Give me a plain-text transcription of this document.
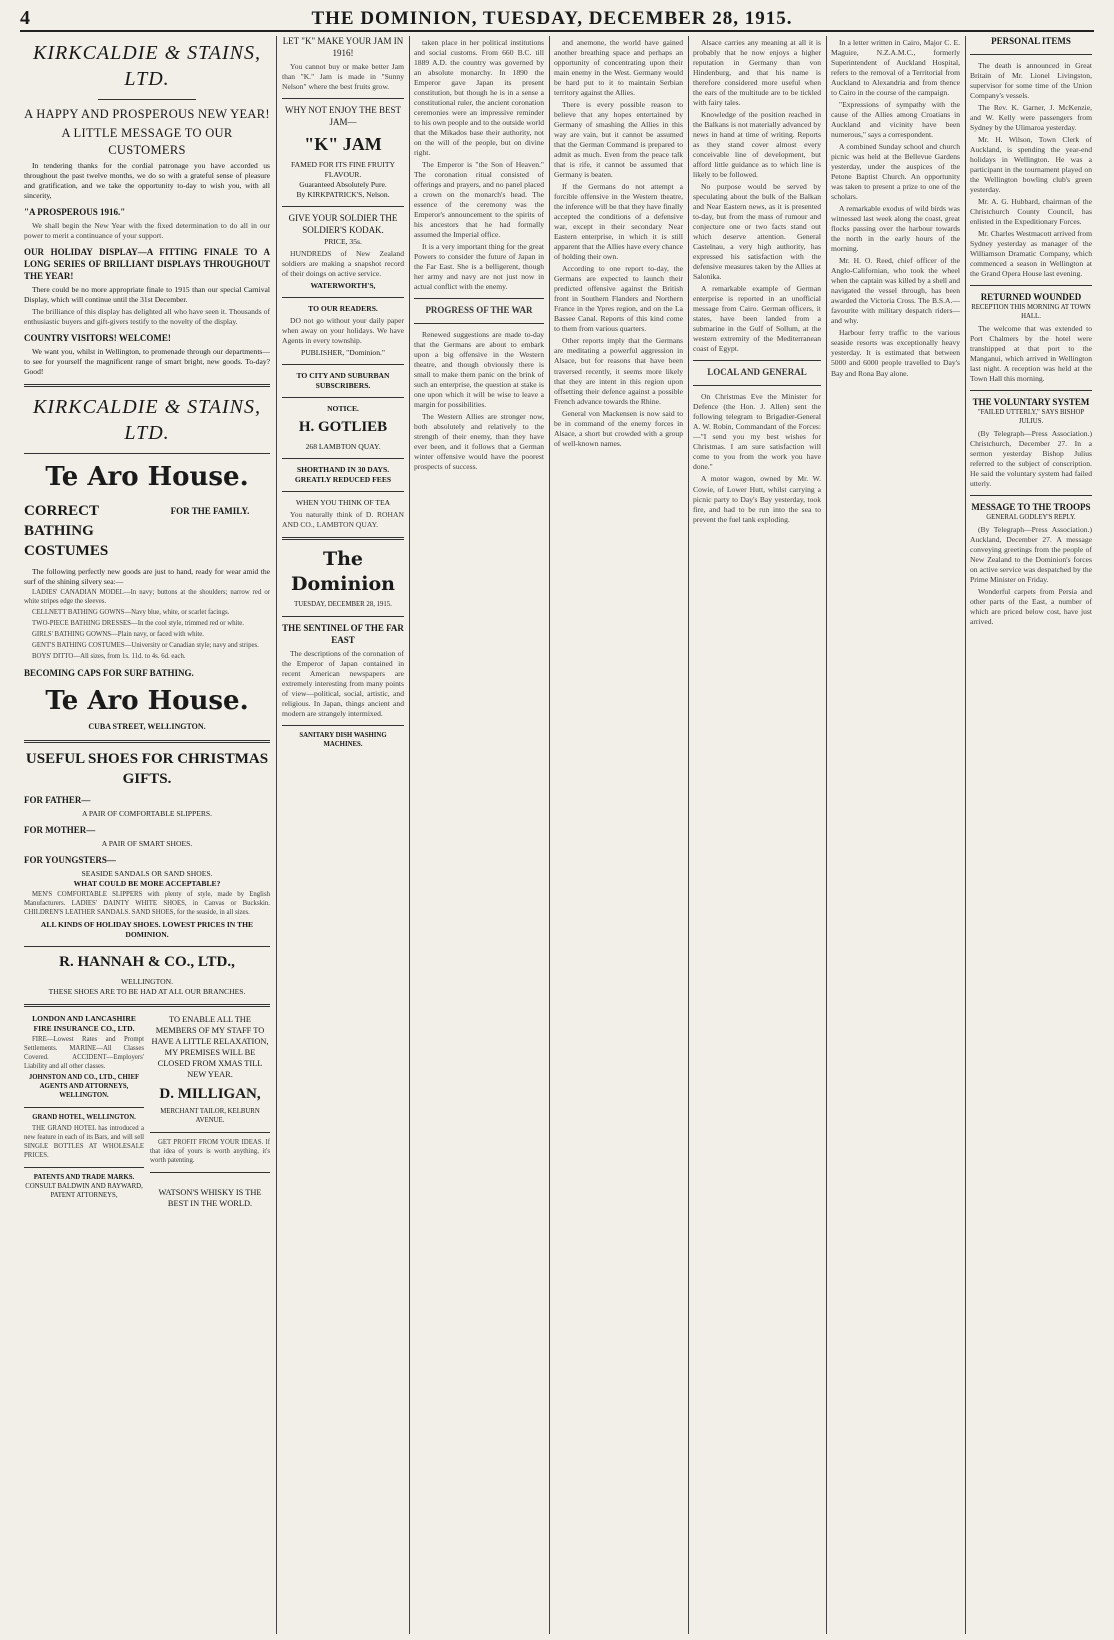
4	THE DOMINION, TUESDAY, DECEMBER 28, 1915.
KIRKCALDIE & STAINS, LTD.
A HAPPY AND PROSPEROUS NEW YEAR!
A LITTLE MESSAGE TO OUR CUSTOMERS

In tendering thanks for the cordial patronage you have accorded us throughout the past twelve months, we do so with a grateful sense of pleasure and gratification, and we take the opportunity to-day to wish you, with all sincerity,

"A PROSPEROUS 1916."

We shall begin the New Year with the fixed determination to do all in our power to merit a continuance of your support.

OUR HOLIDAY DISPLAY—A FITTING FINALE TO A LONG SERIES OF BRILLIANT DISPLAYS THROUGHOUT THE YEAR!

There could be no more appropriate finale to 1915 than our special Carnival Display, which will continue until the 31st December.

The brilliance of this display has delighted all who have seen it. Thousands of enthusiastic buyers and gift-givers testify to the novelty of the display.

COUNTRY VISITORS! WELCOME!

We want you, whilst in Wellington, to promenade through our departments—to see for yourself the magnificent range of smart bright, new goods. To-day? Good!

KIRKCALDIE & STAINS, LTD.
Te Aro House.
CORRECT BATHING COSTUMES
FOR THE FAMILY.

The following perfectly new goods are just to hand, ready for wear amid the surf of the shining silvery sea:—

LADIES' CANADIAN MODEL—In navy; buttons at the shoulders; narrow red or white stripes edge the sleeves.

CELLNETT BATHING GOWNS—Navy blue, white, or scarlet facings.

TWO-PIECE BATHING DRESSES—In the cool style, trimmed red or white.

GIRLS' BATHING GOWNS—Plain navy, or faced with white.

GENT'S BATHING COSTUMES—University or Canadian style; navy and stripes.

BOYS' DITTO—All sizes, from 1s. 11d. to 4s. 6d. each.

BECOMING CAPS FOR SURF BATHING.
Te Aro House.
CUBA STREET, WELLINGTON.
USEFUL SHOES FOR CHRISTMAS GIFTS.
FOR FATHER—
A PAIR OF COMFORTABLE SLIPPERS.
FOR MOTHER—
A PAIR OF SMART SHOES.
FOR YOUNGSTERS—
SEASIDE SANDALS OR SAND SHOES.
WHAT COULD BE MORE ACCEPTABLE?

MEN'S COMFORTABLE SLIPPERS with plenty of style, made by English Manufacturers. LADIES' DAINTY WHITE SHOES, in Canvas or Buckskin. CHILDREN'S LEATHER SANDALS. SAND SHOES, for the seaside, in all sizes.

ALL KINDS OF HOLIDAY SHOES. LOWEST PRICES IN THE DOMINION.
R. HANNAH & CO., LTD.,
WELLINGTON.
THESE SHOES ARE TO BE HAD AT ALL OUR BRANCHES.
LONDON AND LANCASHIRE FIRE INSURANCE CO., LTD.

FIRE—Lowest Rates and Prompt Settlements. MARINE—All Classes Covered. ACCIDENT—Employers' Liability and all other classes.

JOHNSTON AND CO., LTD., CHIEF AGENTS AND ATTORNEYS, WELLINGTON.
GRAND HOTEL, WELLINGTON.

THE GRAND HOTEL has introduced a new feature in each of its Bars, and will sell SINGLE BOTTLES AT WHOLESALE PRICES.

PATENTS AND TRADE MARKS.
CONSULT BALDWIN AND RAYWARD, PATENT ATTORNEYS,
TO ENABLE ALL THE MEMBERS OF MY STAFF TO HAVE A LITTLE RELAXATION, MY PREMISES WILL BE CLOSED FROM XMAS TILL NEW YEAR.
D. MILLIGAN,
MERCHANT TAILOR, KELBURN AVENUE.

GET PROFIT FROM YOUR IDEAS. If that idea of yours is worth anything, it's worth patenting.

WATSON'S WHISKY IS THE BEST IN THE WORLD.
LET "K" MAKE YOUR JAM IN 1916!

You cannot buy or make better Jam than "K." Jam is made in "Sunny Nelson" where the best fruits grow.

WHY NOT ENJOY THE BEST JAM—
"K" JAM
FAMED FOR ITS FINE FRUITY FLAVOUR.
Guaranteed Absolutely Pure.
By KIRKPATRICK'S, Nelson.
GIVE YOUR SOLDIER THE SOLDIER'S KODAK.
PRICE, 35s.

HUNDREDS of New Zealand soldiers are making a snapshot record of their doings on active service.

WATERWORTH'S,
TO OUR READERS.

DO not go without your daily paper when away on your holidays. We have Agents in every township.

PUBLISHER, "Dominion."
TO CITY AND SUBURBAN SUBSCRIBERS.
NOTICE.
H. GOTLIEB
268 LAMBTON QUAY.
SHORTHAND IN 30 DAYS.
GREATLY REDUCED FEES
WHEN YOU THINK OF TEA

You naturally think of D. ROHAN AND CO., LAMBTON QUAY.

The Dominion
TUESDAY, DECEMBER 28, 1915.
THE SENTINEL OF THE FAR EAST

The descriptions of the coronation of the Emperor of Japan contained in recent American newspapers are extremely interesting from many points of view—political, social, artistic, and religious. In Japan, things ancient and modern are strangely intermixed.

SANITARY DISH WASHING MACHINES.

taken place in her political institutions and social customs. From 660 B.C. till 1889 A.D. the country was governed by an absolute monarchy. In 1890 the Emperor gave Japan its present constitution, but though he is in a sense a constitutional ruler, the ancient coronation ceremonies were an impressive reminder to his own people and to the outside world that the Mikados base their authority, not on the will of the people, but on divine right.

The Emperor is "the Son of Heaven." The coronation ritual consisted of offerings and prayers, and no panel placed a crown on the monarch's head. The essence of the ceremony was the Emperor's announcement to the spirits of his ancestors that he had formally assumed the Imperial office.

It is a very important thing for the great Powers to consider the future of Japan in the Far East. She is a belligerent, though her army and navy are not just now in actual conflict with the enemy.

PROGRESS OF THE WAR

Renewed suggestions are made to-day that the Germans are about to embark upon a big offensive in the Western theatre, and though obviously there is small to make them panic on the brink of such an enterprise, the question at stake is one upon which it will be wise to leave a margin for possibilities.

The Western Allies are stronger now, both absolutely and relatively to the strength of their enemy, than they have ever been, and it follows that a German winter offensive would have the poorest prospects of success.

and anemone, the world have gained another breathing space and perhaps an opportunity of concentrating upon their main enemy in the West. Germany would be hard put to it to maintain Serbian territory against the Allies.

There is every possible reason to believe that any hopes entertained by Germany of smashing the Allies in this way are vain, but it cannot be assumed that the German Command is prepared to admit as much. Even from the peace talk that is rife, it cannot be assumed that Germany is beaten.

If the Germans do not attempt a forcible offensive in the Western theatre, the inference will be that they have finally accepted the conditions of a defensive war, except in their secondary Near Eastern enterprise, in which it is still apparent that the Allies have every chance of holding their own.

According to one report to-day, the Germans are expected to launch their predicted offensive against the British front in Southern Flanders and Northern France in the Ypres region, and on the La Bassee Canal. Reports of this kind come to them from various quarters.

Other reports imply that the Germans are meditating a powerful aggression in Alsace, but for reasons that have been traversed recently, it seems more likely that they are intent in this region upon offsetting their defence against a possible French advance towards the Rhine.

General von Mackensen is now said to be in command of the enemy forces in Alsace, a short but crowded with a group of well-known names.

Alsace carries any meaning at all it is probably that he now enjoys a higher reputation in Germany than von Hindenburg, and that his name is therefore considered more useful when the ears of the multitude are to be tickled with fairy tales.

Knowledge of the position reached in the Balkans is not materially advanced by news in hand at time of writing. Reports as they stand cover almost every conceivable line of development, but afford little guidance as to which line is likely to be followed.

No purpose would be served by speculating about the bulk of the Balkan and Near Eastern news, as it is presented to-day, but from the mass of rumour and conjecture one or two facts stand out which deserve attention. General Castelnau, a very high authority, has expressed his satisfaction with the defensive measures taken by the Allies at Salonika.

A remarkable example of German enterprise is reported in an unofficial message from Cairo. German officers, it states, have been landed from a submarine in the Gulf of Sollum, at the western extremity of the Mediterranean coast of Egypt.

LOCAL AND GENERAL

On Christmas Eve the Minister for Defence (the Hon. J. Allen) sent the following telegram to Brigadier-General A. W. Robin, Commandant of the Forces:—"I send you my best wishes for Christmas. I am sure satisfaction will come to you from the work you have done."

A motor wagon, owned by Mr. W. Cowie, of Lower Hutt, whilst carrying a picnic party to Day's Bay yesterday, took fire, and had to be run into the sea to prevent the fuel tank exploding.

In a letter written in Cairo, Major C. E. Maguire, N.Z.A.M.C., formerly Superintendent of Auckland Hospital, refers to the removal of a Territorial from Auckland to Alexandria and from thence to Cairo in the course of the campaign.

"Expressions of sympathy with the cause of the Allies among Croatians in Auckland and vicinity have been numerous," says a correspondent.

A combined Sunday school and church picnic was held at the Bellevue Gardens yesterday, under the auspices of the Petone Baptist Church. An opportunity was taken to present a prize to one of the scholars.

A remarkable exodus of wild birds was witnessed last week along the coast, great flocks passing over the harbour towards the north in the early hours of the morning.

Mr. H. O. Reed, chief officer of the Anglo-Californian, who took the wheel when the captain was killed by a shell and navigated the vessel through, has been awarded the Victoria Cross. The B.S.A.—favourite with military despatch riders—and why.

Harbour ferry traffic to the various seaside resorts was exceptionally heavy yesterday. It is estimated that between 5000 and 6000 people travelled to Day's Bay and Rona Bay alone.

PERSONAL ITEMS

The death is announced in Great Britain of Mr. Lionel Livingston, supervisor for some time of the Union Company's vessels.

The Rev. K. Garner, J. McKenzie, and W. Kelly were passengers from Sydney by the Ulimaroa yesterday.

Mr. H. Wilson, Town Clerk of Auckland, is spending the year-end holidays in Wellington. He was a participant in the tournament played on the Wellington bowling club's green yesterday.

Mr. A. G. Hubbard, chairman of the Christchurch County Council, has enlisted in the Expeditionary Forces.

Mr. Charles Westmacott arrived from Sydney yesterday as manager of the Williamson Dramatic Company, which commenced a season in Wellington at the Grand Opera House last evening.

RETURNED WOUNDED
RECEPTION THIS MORNING AT TOWN HALL.

The welcome that was extended to Port Chalmers by the hotel were transhipped at that port to the Manganui, which arrived in Wellington last night. A reception was held at the Town Hall this morning.

THE VOLUNTARY SYSTEM
"FAILED UTTERLY," SAYS BISHOP JULIUS.

(By Telegraph—Press Association.) Christchurch, December 27. In a sermon yesterday Bishop Julius referred to the subject of conscription. He said the voluntary system had failed utterly.

MESSAGE TO THE TROOPS
GENERAL GODLEY'S REPLY.

(By Telegraph—Press Association.) Auckland, December 27. A message conveying greetings from the people of New Zealand to the Dominion's forces on active service was despatched by the Prime Minister on Friday.

Wonderful carpets from Persia and other parts of the East, a number of which are priced below cost, have just arrived.
